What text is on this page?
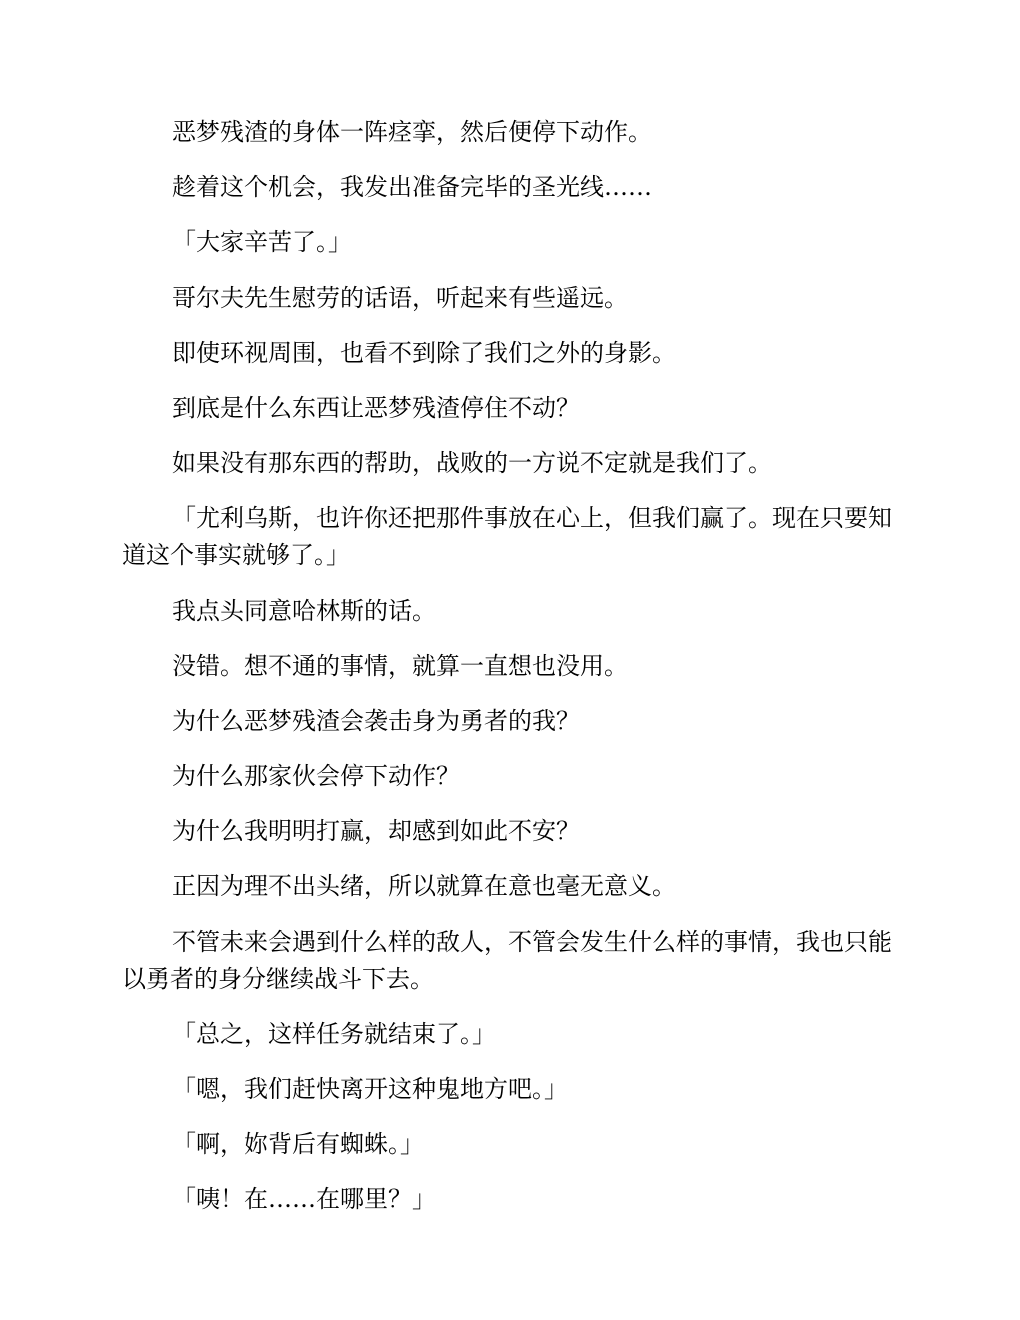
恶梦残渣的身体一阵痉挛，然后便停下动作。

趁着这个机会，我发出准备完毕的圣光线……

「大家辛苦了。」

哥尔夫先生慰劳的话语，听起来有些遥远。

即使环视周围，也看不到除了我们之外的身影。

到底是什么东西让恶梦残渣停住不动？

如果没有那东西的帮助，战败的一方说不定就是我们了。

「尤利乌斯，也许你还把那件事放在心上，但我们赢了。现在只要知道这个事实就够了。」

我点头同意哈林斯的话。

没错。想不通的事情，就算一直想也没用。

为什么恶梦残渣会袭击身为勇者的我？

为什么那家伙会停下动作？

为什么我明明打赢，却感到如此不安？

正因为理不出头绪，所以就算在意也毫无意义。

不管未来会遇到什么样的敌人，不管会发生什么样的事情，我也只能以勇者的身分继续战斗下去。

「总之，这样任务就结束了。」

「嗯，我们赶快离开这种鬼地方吧。」

「啊，妳背后有蜘蛛。」

「咦！在……在哪里？」
